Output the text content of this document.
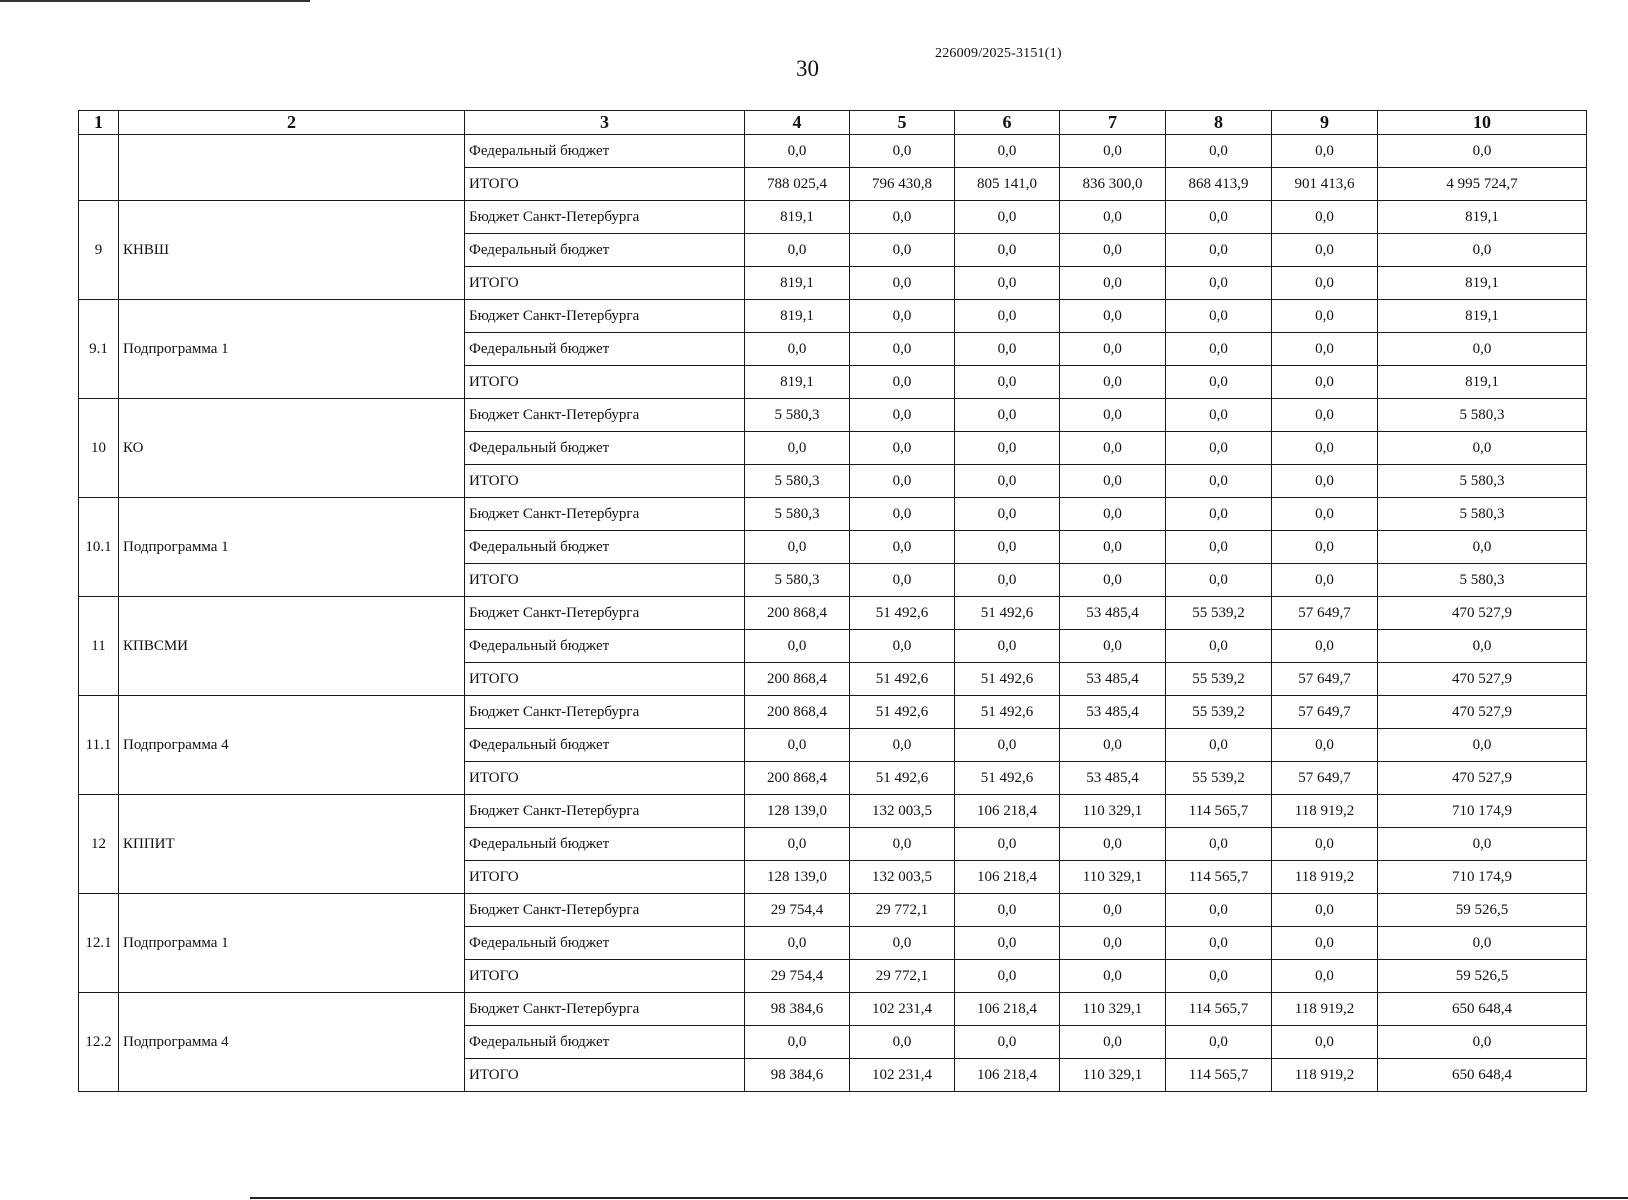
226009/2025-3151(1)
30
1	2	3	4	5	6	7	8	9	10
		Федеральный бюджет	0,0	0,0	0,0	0,0	0,0	0,0	0,0
		ИТОГО	788 025,4	796 430,8	805 141,0	836 300,0	868 413,9	901 413,6	4 995 724,7
9	КНВШ	Бюджет Санкт-Петербурга	819,1	0,0	0,0	0,0	0,0	0,0	819,1
		Федеральный бюджет	0,0	0,0	0,0	0,0	0,0	0,0	0,0
		ИТОГО	819,1	0,0	0,0	0,0	0,0	0,0	819,1
9.1	Подпрограмма 1	Бюджет Санкт-Петербурга	819,1	0,0	0,0	0,0	0,0	0,0	819,1
		Федеральный бюджет	0,0	0,0	0,0	0,0	0,0	0,0	0,0
		ИТОГО	819,1	0,0	0,0	0,0	0,0	0,0	819,1
10	КО	Бюджет Санкт-Петербурга	5 580,3	0,0	0,0	0,0	0,0	0,0	5 580,3
		Федеральный бюджет	0,0	0,0	0,0	0,0	0,0	0,0	0,0
		ИТОГО	5 580,3	0,0	0,0	0,0	0,0	0,0	5 580,3
10.1	Подпрограмма 1	Бюджет Санкт-Петербурга	5 580,3	0,0	0,0	0,0	0,0	0,0	5 580,3
		Федеральный бюджет	0,0	0,0	0,0	0,0	0,0	0,0	0,0
		ИТОГО	5 580,3	0,0	0,0	0,0	0,0	0,0	5 580,3
11	КПВСМИ	Бюджет Санкт-Петербурга	200 868,4	51 492,6	51 492,6	53 485,4	55 539,2	57 649,7	470 527,9
		Федеральный бюджет	0,0	0,0	0,0	0,0	0,0	0,0	0,0
		ИТОГО	200 868,4	51 492,6	51 492,6	53 485,4	55 539,2	57 649,7	470 527,9
11.1	Подпрограмма 4	Бюджет Санкт-Петербурга	200 868,4	51 492,6	51 492,6	53 485,4	55 539,2	57 649,7	470 527,9
		Федеральный бюджет	0,0	0,0	0,0	0,0	0,0	0,0	0,0
		ИТОГО	200 868,4	51 492,6	51 492,6	53 485,4	55 539,2	57 649,7	470 527,9
12	КППИТ	Бюджет Санкт-Петербурга	128 139,0	132 003,5	106 218,4	110 329,1	114 565,7	118 919,2	710 174,9
		Федеральный бюджет	0,0	0,0	0,0	0,0	0,0	0,0	0,0
		ИТОГО	128 139,0	132 003,5	106 218,4	110 329,1	114 565,7	118 919,2	710 174,9
12.1	Подпрограмма 1	Бюджет Санкт-Петербурга	29 754,4	29 772,1	0,0	0,0	0,0	0,0	59 526,5
		Федеральный бюджет	0,0	0,0	0,0	0,0	0,0	0,0	0,0
		ИТОГО	29 754,4	29 772,1	0,0	0,0	0,0	0,0	59 526,5
12.2	Подпрограмма 4	Бюджет Санкт-Петербурга	98 384,6	102 231,4	106 218,4	110 329,1	114 565,7	118 919,2	650 648,4
		Федеральный бюджет	0,0	0,0	0,0	0,0	0,0	0,0	0,0
		ИТОГО	98 384,6	102 231,4	106 218,4	110 329,1	114 565,7	118 919,2	650 648,4
